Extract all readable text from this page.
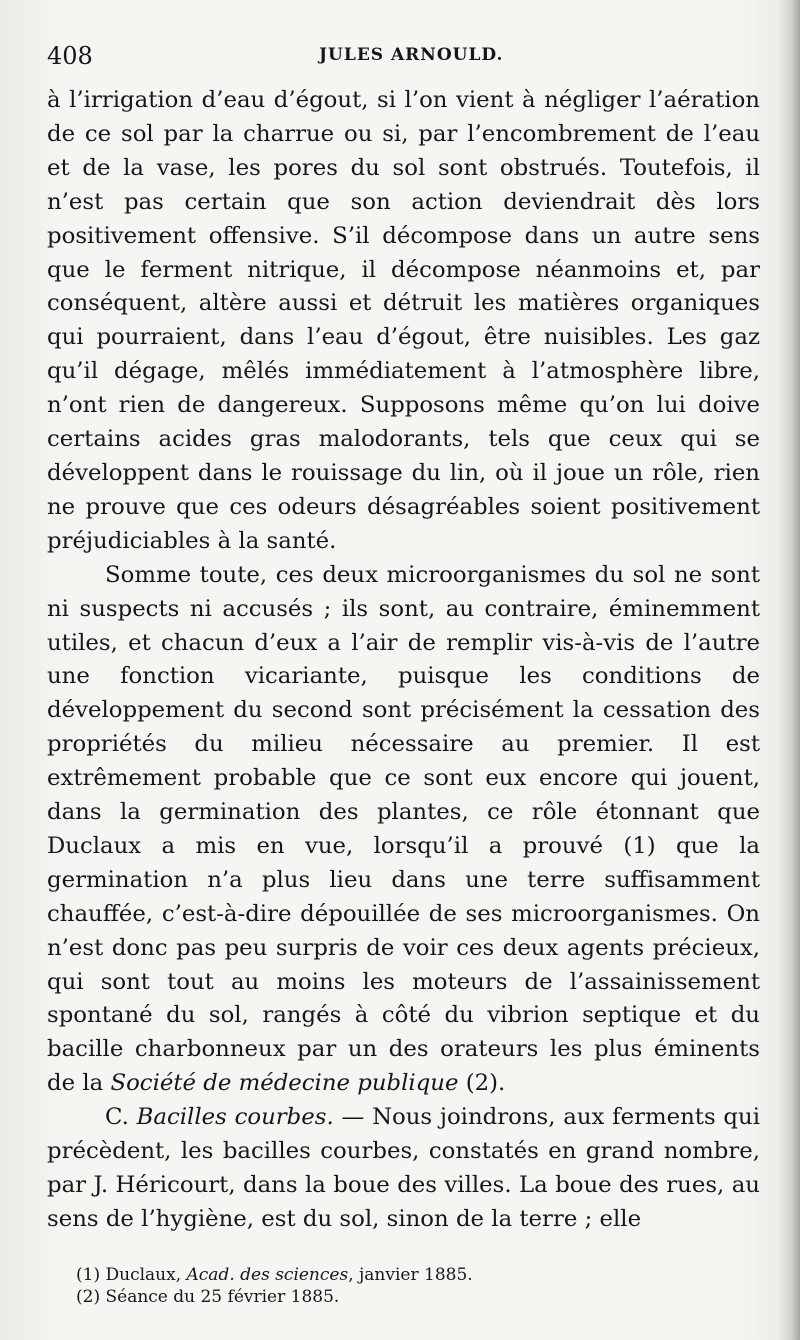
408	JULES ARNOULD.

à l’irrigation d’eau d’égout, si l’on vient à négliger l’aération de ce sol par la charrue ou si, par l’encombrement de l’eau et de la vase, les pores du sol sont obstrués. Toutefois, il n’est pas certain que son action deviendrait dès lors positivement offensive. S’il décompose dans un autre sens que le ferment nitrique, il décompose néanmoins et, par conséquent, altère aussi et détruit les matières organiques qui pourraient, dans l’eau d’égout, être nuisibles. Les gaz qu’il dégage, mêlés immédiatement à l’atmosphère libre, n’ont rien de dangereux. Supposons même qu’on lui doive certains acides gras malodorants, tels que ceux qui se développent dans le rouissage du lin, où il joue un rôle, rien ne prouve que ces odeurs désagréables soient positivement préjudiciables à la santé.

Somme toute, ces deux microorganismes du sol ne sont ni suspects ni accusés ; ils sont, au contraire, éminemment utiles, et chacun d’eux a l’air de remplir vis-à-vis de l’autre une fonction vicariante, puisque les conditions de développement du second sont précisément la cessation des propriétés du milieu nécessaire au premier. Il est extrêmement probable que ce sont eux encore qui jouent, dans la germination des plantes, ce rôle étonnant que Duclaux a mis en vue, lorsqu’il a prouvé (1) que la germination n’a plus lieu dans une terre suffisamment chauffée, c’est-à-dire dépouillée de ses microorganismes. On n’est donc pas peu surpris de voir ces deux agents précieux, qui sont tout au moins les moteurs de l’assainissement spontané du sol, rangés à côté du vibrion septique et du bacille charbonneux par un des orateurs les plus éminents de la Société de médecine publique (2).

C. Bacilles courbes. — Nous joindrons, aux ferments qui précèdent, les bacilles courbes, constatés en grand nombre, par J. Héricourt, dans la boue des villes. La boue des rues, au sens de l’hygiène, est du sol, sinon de la terre ; elle

(1) Duclaux, Acad. des sciences, janvier 1885.
(2) Séance du 25 février 1885.
